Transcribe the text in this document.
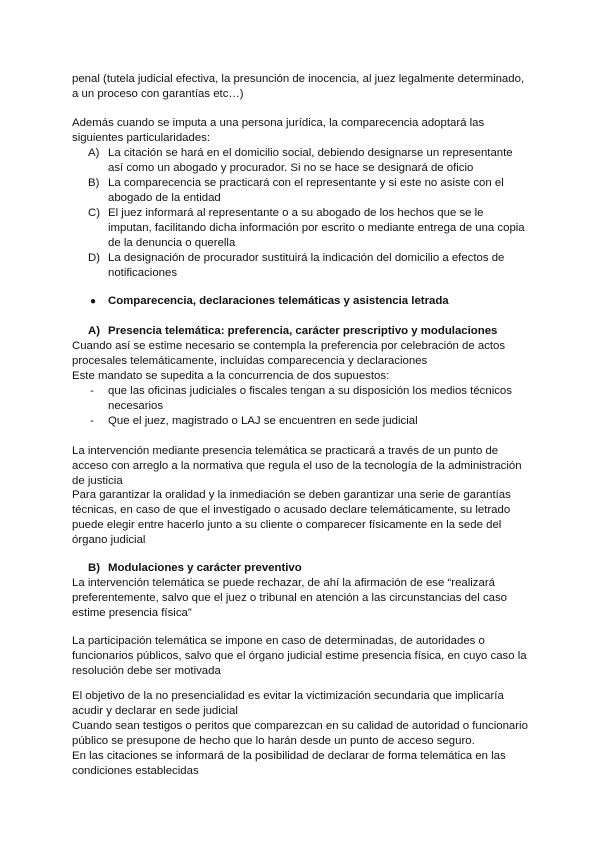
penal (tutela judicial efectiva, la presunción de inocencia, al juez legalmente determinado, a un proceso con garantías etc…)

Además cuando se imputa a una persona jurídica, la comparecencia adoptará las siguientes particularidades:

A) La citación se hará en el domicilio social, debiendo designarse un representante así como un abogado y procurador. Si no se hace se designará de oficio

B) La comparecencia se practicará con el representante y si este no asiste con el abogado de la entidad

C) El juez informará al representante o a su abogado de los hechos que se le imputan, facilitando dicha información por escrito o mediante entrega de una copia de la denuncia o querella

D) La designación de procurador sustituirá la indicación del domicilio a efectos de notificaciones

● Comparecencia, declaraciones telemáticas y asistencia letrada

A) Presencia telemática: preferencia, carácter prescriptivo y modulaciones

Cuando así se estime necesario se contempla la preferencia por celebración de actos procesales telemáticamente, incluidas comparecencia y declaraciones

Este mandato se supedita a la concurrencia de dos supuestos:

- que las oficinas judiciales o fiscales tengan a su disposición los medios técnicos necesarios

- Que el juez, magistrado o LAJ se encuentren en sede judicial

La intervención mediante presencia telemática se practicará a través de un punto de acceso con arreglo a la normativa que regula el uso de la tecnología de la administración de justicia

Para garantizar la oralidad y la inmediación se deben garantizar una serie de garantías técnicas, en caso de que el investigado o acusado declare telemáticamente, su letrado puede elegir entre hacerlo junto a su cliente o comparecer físicamente en la sede del órgano judicial

B) Modulaciones y carácter preventivo

La intervención telemática se puede rechazar, de ahí la afirmación de ese “realizará preferentemente, salvo que el juez o tribunal en atención a las circunstancias del caso estime presencia física”

La participación telemática se impone en caso de determinadas, de autoridades o funcionarios públicos, salvo que el órgano judicial estime presencia física, en cuyo caso la resolución debe ser motivada

El objetivo de la no presencialidad es evitar la victimización secundaria que implicaría acudir y declarar en sede judicial

Cuando sean testigos o peritos que comparezcan en su calidad de autoridad o funcionario público se presupone de hecho que lo harán desde un punto de acceso seguro.

En las citaciones se informará de la posibilidad de declarar de forma telemática en las condiciones establecidas
